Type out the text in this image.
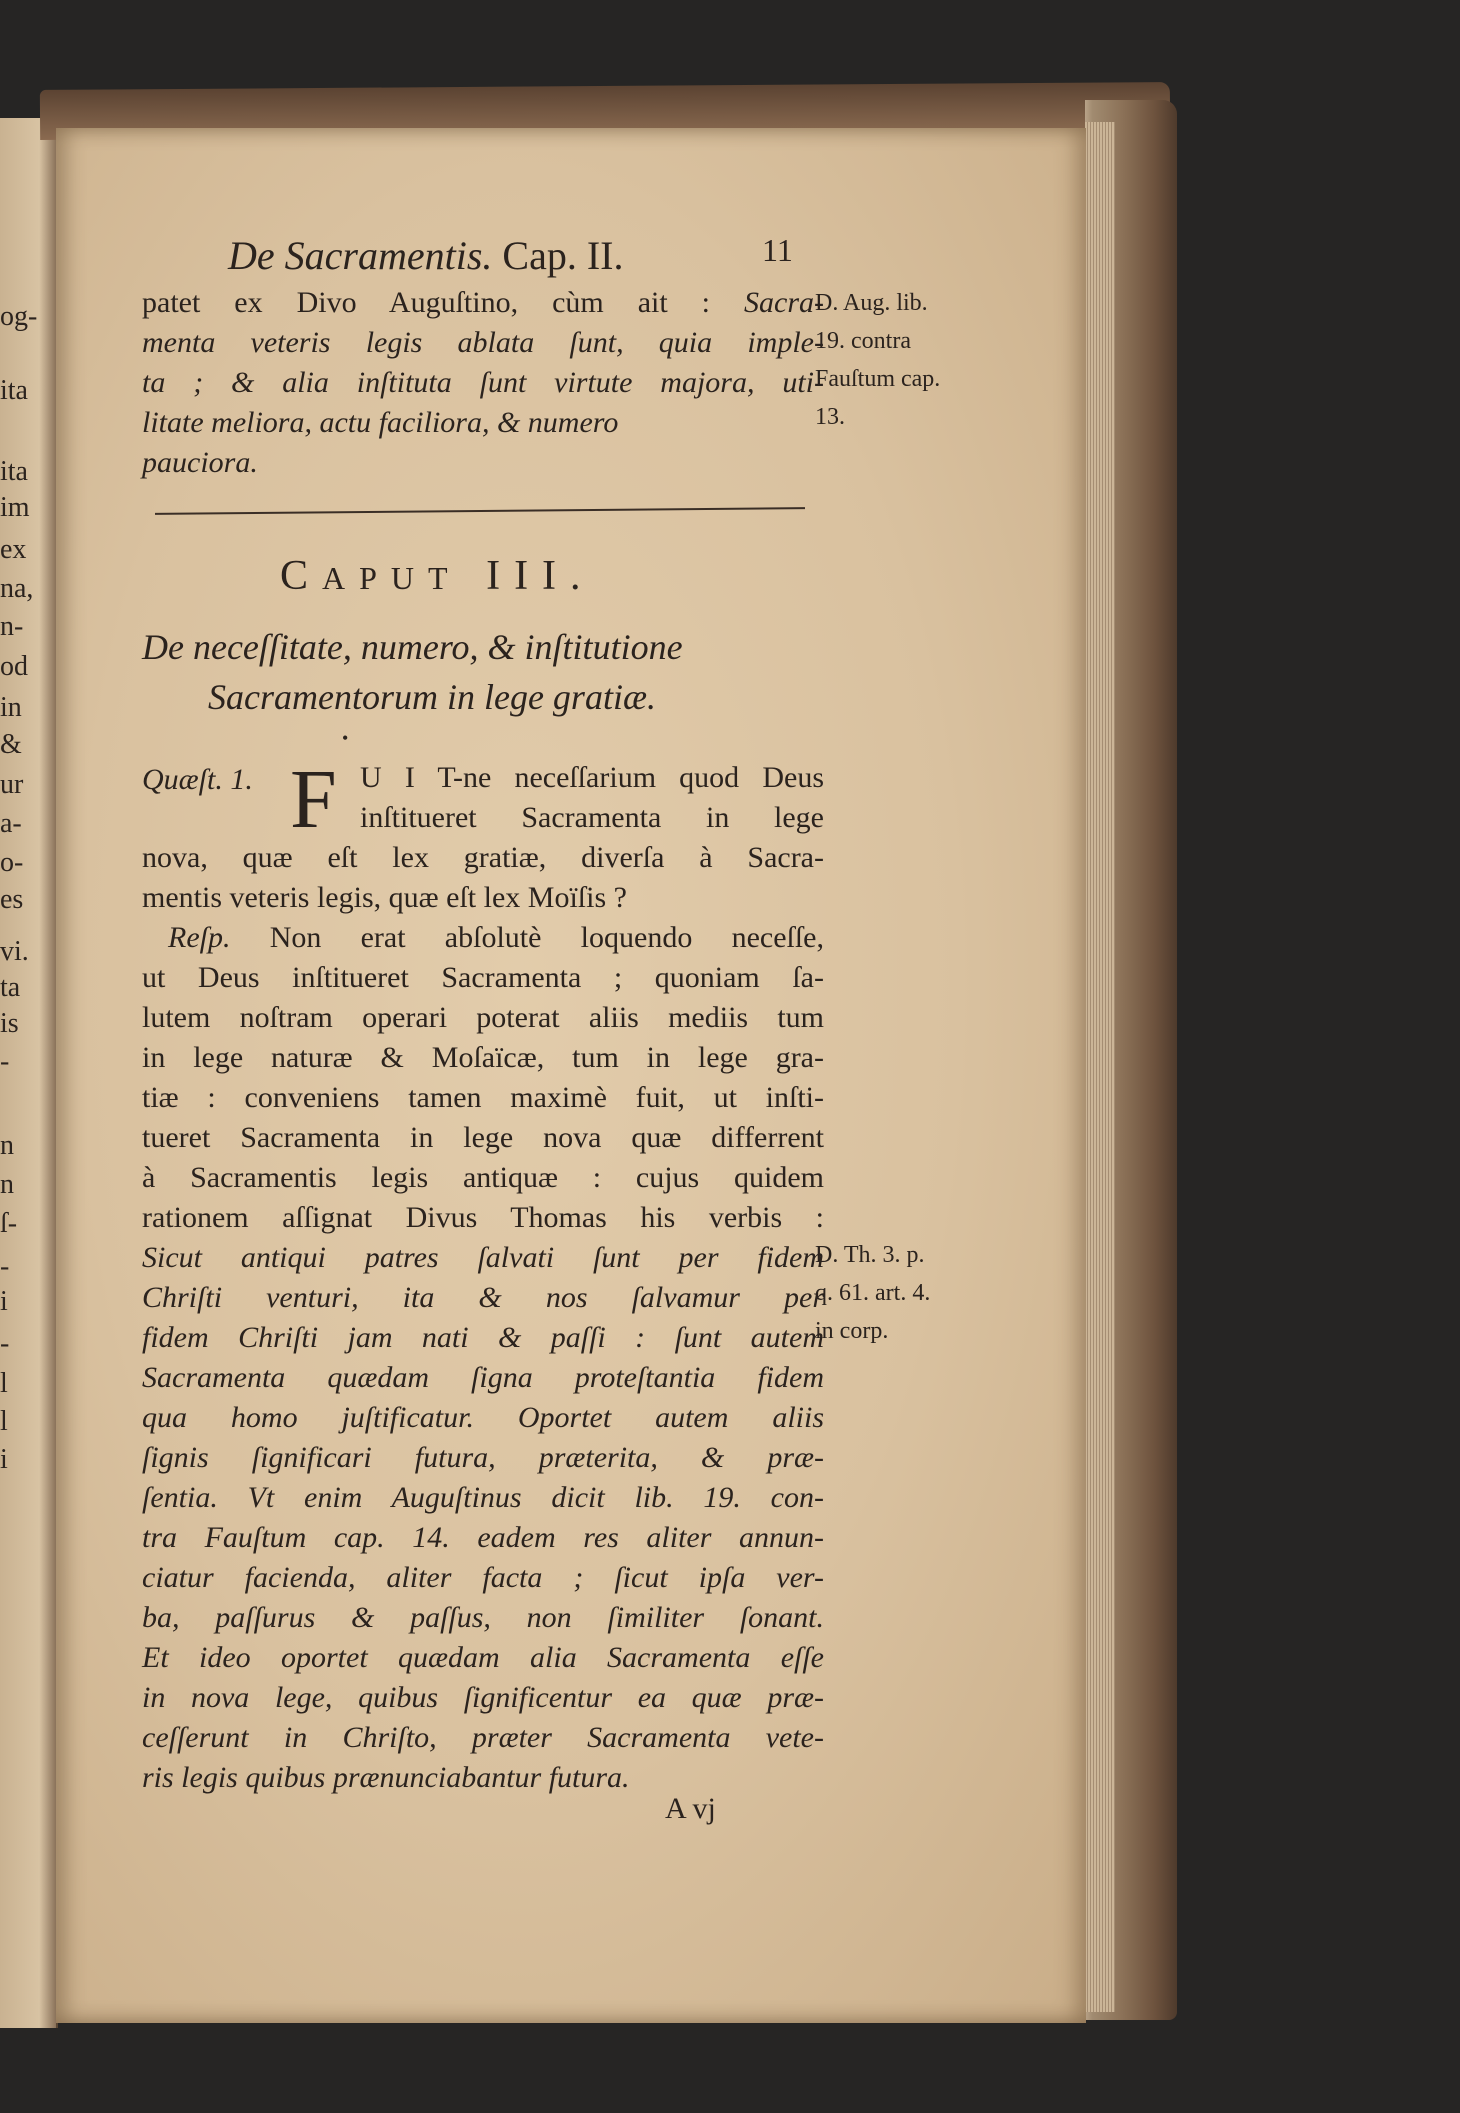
og-
ita
ita
im
ex
na,
n-
od
in
&
ur
a-
o-
es
vi.
ta
is
-
n
n
ſ-
-
i
-
l
l
i
De Sacramentis. Cap. II.	11
patet ex Divo Auguſtino, cùm ait : Sacra-
menta veteris legis ablata ſunt, quia imple-
ta ; & alia inſtituta ſunt virtute majora, uti-
litate meliora, actu faciliora, & numero
pauciora.
D. Aug. lib.
19. contra
Fauſtum cap.
13.
CAPUT III.
De neceſſitate, numero, & inſtitutione
Sacramentorum in lege gratiæ.
•
Quæſt. 1. F U I T-ne neceſſarium quod Deus
inſtitueret Sacramenta in lege
nova, quæ eſt lex gratiæ, diverſa à Sacra-
mentis veteris legis, quæ eſt lex Moïſis ?
Reſp. Non erat abſolutè loquendo neceſſe,
ut Deus inſtitueret Sacramenta ; quoniam ſa-
lutem noſtram operari poterat aliis mediis tum
in lege naturæ & Moſaïcæ, tum in lege gra-
tiæ : conveniens tamen maximè fuit, ut inſti-
tueret Sacramenta in lege nova quæ differrent
à Sacramentis legis antiquæ : cujus quidem
rationem aſſignat Divus Thomas his verbis :
Sicut antiqui patres ſalvati ſunt per fidem
Chriſti venturi, ita & nos ſalvamur per
fidem Chriſti jam nati & paſſi : ſunt autem
Sacramenta quædam ſigna proteſtantia fidem
qua homo juſtificatur. Oportet autem aliis
ſignis ſignificari futura, præterita, & præ-
ſentia. Vt enim Auguſtinus dicit lib. 19. con-
tra Fauſtum cap. 14. eadem res aliter annun-
ciatur facienda, aliter facta ; ſicut ipſa ver-
ba, paſſurus & paſſus, non ſimiliter ſonant.
Et ideo oportet quædam alia Sacramenta eſſe
in nova lege, quibus ſignificentur ea quæ præ-
ceſſerunt in Chriſto, præter Sacramenta vete-
ris legis quibus prænunciabantur futura.
D. Th. 3. p.
q. 61. art. 4.
in corp.
A vj
